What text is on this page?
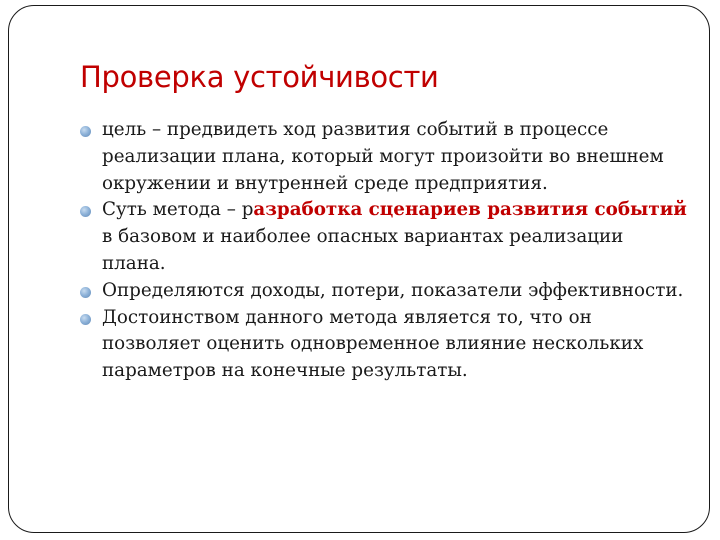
Проверка устойчивости
цель – предвидеть ход развития событий в процессе реализации плана, который могут произойти во внешнем окружении и внутренней среде предприятия.
Суть метода – разработка сценариев развития событий в базовом и наиболее опасных вариантах реализации плана.
Определяются доходы, потери, показатели эффективности.
Достоинством данного метода является то, что он позволяет оценить одновременное влияние нескольких параметров на конечные результаты.
